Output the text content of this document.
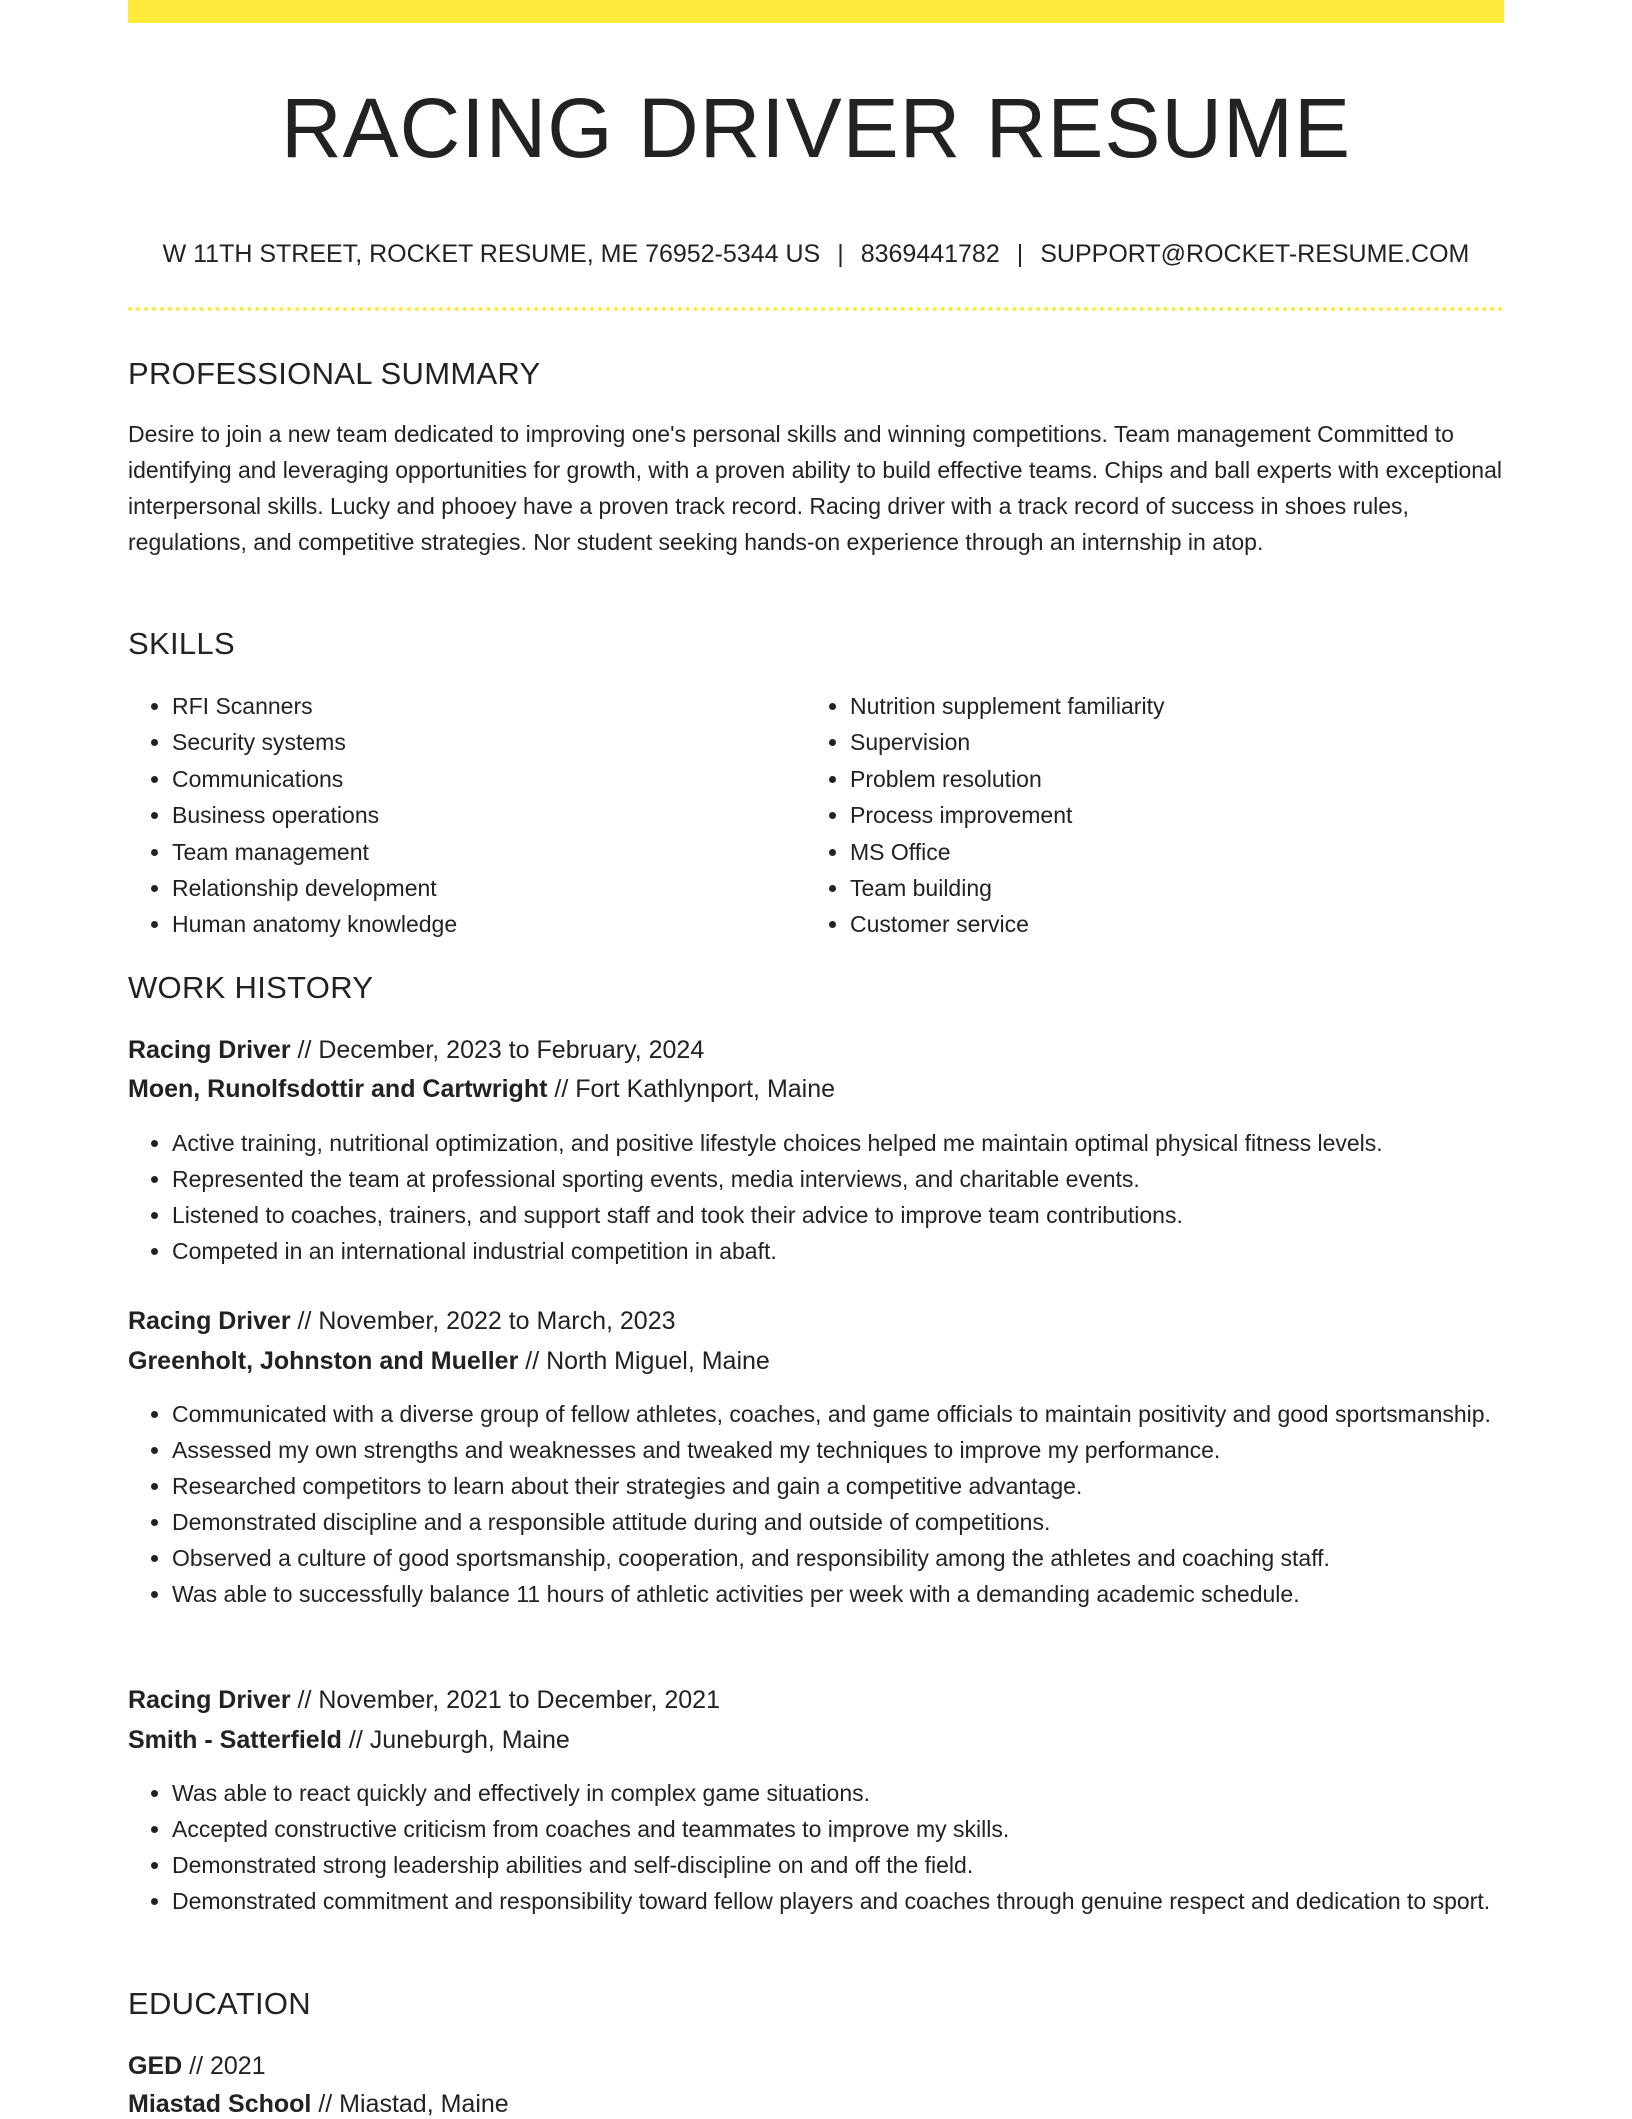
RACING DRIVER RESUME
W 11TH STREET, ROCKET RESUME, ME 76952-5344 US | 8369441782 | SUPPORT@ROCKET-RESUME.COM
PROFESSIONAL SUMMARY

Desire to join a new team dedicated to improving one's personal skills and winning competitions. Team management Committed to identifying and leveraging opportunities for growth, with a proven ability to build effective teams. Chips and ball experts with exceptional interpersonal skills. Lucky and phooey have a proven track record. Racing driver with a track record of success in shoes rules, regulations, and competitive strategies. Nor student seeking hands-on experience through an internship in atop.

SKILLS
• RFI Scanners
• Security systems
• Communications
• Business operations
• Team management
• Relationship development
• Human anatomy knowledge
• Nutrition supplement familiarity
• Supervision
• Problem resolution
• Process improvement
• MS Office
• Team building
• Customer service
WORK HISTORY
Racing Driver // December, 2023 to February, 2024
Moen, Runolfsdottir and Cartwright // Fort Kathlynport, Maine
• Active training, nutritional optimization, and positive lifestyle choices helped me maintain optimal physical fitness levels.
• Represented the team at professional sporting events, media interviews, and charitable events.
• Listened to coaches, trainers, and support staff and took their advice to improve team contributions.
• Competed in an international industrial competition in abaft.
Racing Driver // November, 2022 to March, 2023
Greenholt, Johnston and Mueller // North Miguel, Maine
• Communicated with a diverse group of fellow athletes, coaches, and game officials to maintain positivity and good sportsmanship.
• Assessed my own strengths and weaknesses and tweaked my techniques to improve my performance.
• Researched competitors to learn about their strategies and gain a competitive advantage.
• Demonstrated discipline and a responsible attitude during and outside of competitions.
• Observed a culture of good sportsmanship, cooperation, and responsibility among the athletes and coaching staff.
• Was able to successfully balance 11 hours of athletic activities per week with a demanding academic schedule.
Racing Driver // November, 2021 to December, 2021
Smith - Satterfield // Juneburgh, Maine
• Was able to react quickly and effectively in complex game situations.
• Accepted constructive criticism from coaches and teammates to improve my skills.
• Demonstrated strong leadership abilities and self-discipline on and off the field.
• Demonstrated commitment and responsibility toward fellow players and coaches through genuine respect and dedication to sport.
EDUCATION
GED // 2021
Miastad School // Miastad, Maine
